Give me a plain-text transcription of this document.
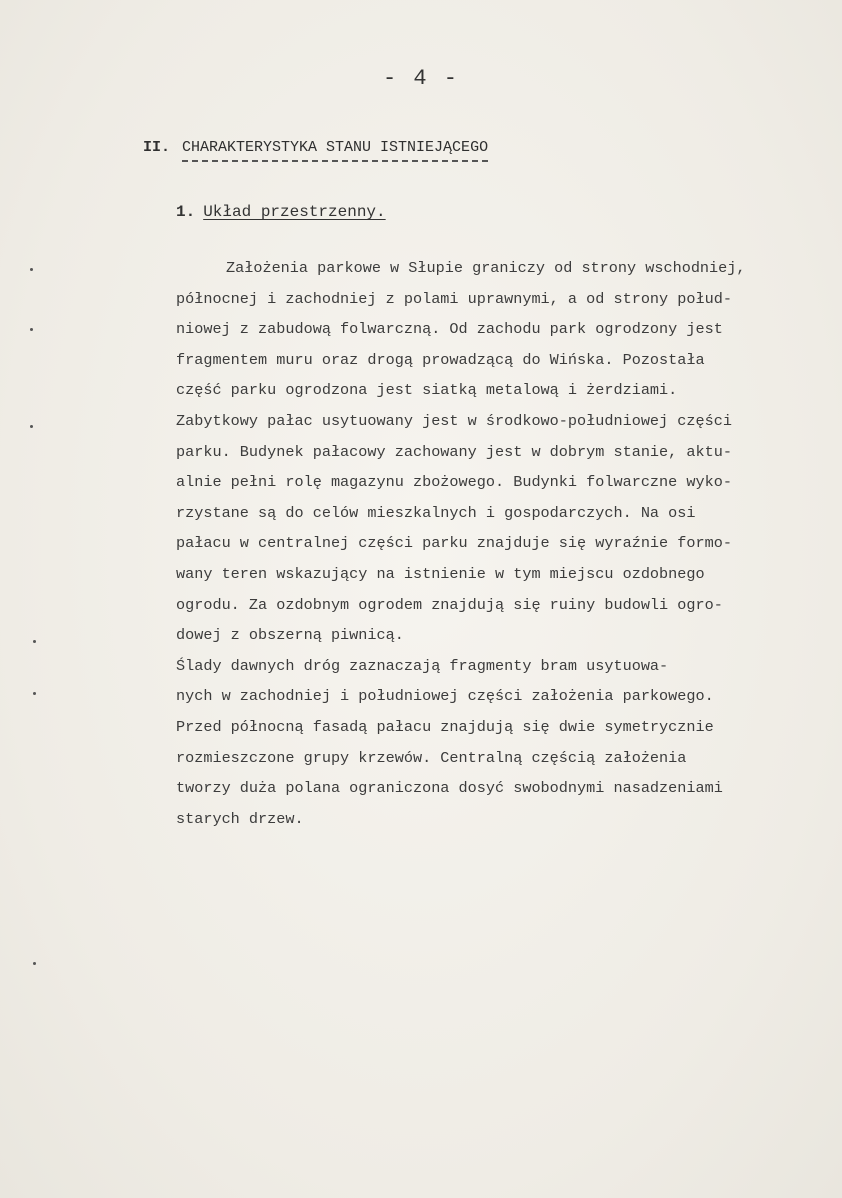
- 4 -
II. CHARAKTERYSTYKA STANU ISTNIEJĄCEGO
1. Układ przestrzenny.
Założenia parkowe w Słupie graniczy od strony wschodniej,
północnej i zachodniej z polami uprawnymi, a od strony połud-
niowej z zabudową folwarczną. Od zachodu park ogrodzony jest
fragmentem muru oraz drogą prowadzącą do Wińska. Pozostała
część parku ogrodzona jest siatką metalową i żerdziami.
Zabytkowy pałac usytuowany jest w środkowo-południowej części
parku. Budynek pałacowy zachowany jest w dobrym stanie, aktu-
alnie pełni rolę magazynu zbożowego. Budynki folwarczne wyko-
rzystane są do celów mieszkalnych i gospodarczych. Na osi
pałacu w centralnej części parku znajduje się wyraźnie formo-
wany teren wskazujący na istnienie w tym miejscu ozdobnego
ogrodu. Za ozdobnym ogrodem znajdują się ruiny budowli ogro-
dowej z obszerną piwnicą.
Ślady dawnych dróg zaznaczają fragmenty bram usytuowa-
nych w zachodniej i południowej części założenia parkowego.
Przed północną fasadą pałacu znajdują się dwie symetrycznie
rozmieszczone grupy krzewów. Centralną częścią założenia
tworzy duża polana ograniczona dosyć swobodnymi nasadzeniami
starych drzew.
